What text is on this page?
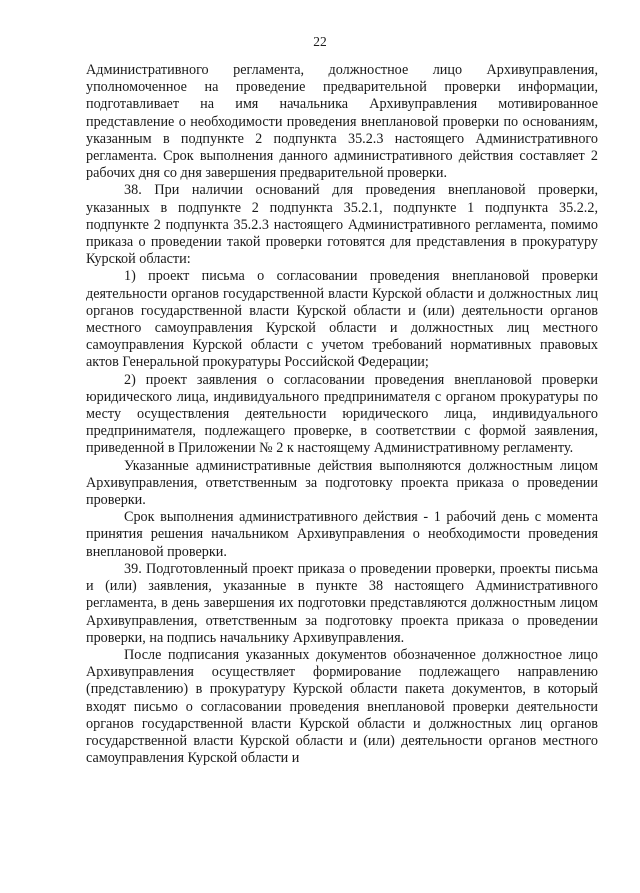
22

Административного регламента, должностное лицо Архивуправления, уполномоченное на проведение предварительной проверки информации, подготавливает на имя начальника Архивуправления мотивированное представление о необходимости проведения внеплановой проверки по основаниям, указанным в подпункте 2 подпункта 35.2.3 настоящего Административного регламента. Срок выполнения данного административного действия составляет 2 рабочих дня со дня завершения предварительной проверки.

38. При наличии оснований для проведения внеплановой проверки, указанных в подпункте 2 подпункта 35.2.1, подпункте 1 подпункта 35.2.2, подпункте 2 подпункта 35.2.3 настоящего Административного регламента, помимо приказа о проведении такой проверки готовятся для представления в прокуратуру Курской области:

1) проект письма о согласовании проведения внеплановой проверки деятельности органов государственной власти Курской области и должностных лиц органов государственной власти Курской области и (или) деятельности органов местного самоуправления Курской области и должностных лиц местного самоуправления Курской области с учетом требований нормативных правовых актов Генеральной прокуратуры Российской Федерации;

2) проект заявления о согласовании проведения внеплановой проверки юридического лица, индивидуального предпринимателя с органом прокуратуры по месту осуществления деятельности юридического лица, индивидуального предпринимателя, подлежащего проверке, в соответствии с формой заявления, приведенной в Приложении № 2 к настоящему Административному регламенту.

Указанные административные действия выполняются должностным лицом Архивуправления, ответственным за подготовку проекта приказа о проведении проверки.

Срок выполнения административного действия - 1 рабочий день с момента принятия решения начальником Архивуправления о необходимости проведения внеплановой проверки.

39. Подготовленный проект приказа о проведении проверки, проекты письма и (или) заявления, указанные в пункте 38 настоящего Административного регламента, в день завершения их подготовки представляются должностным лицом Архивуправления, ответственным за подготовку проекта приказа о проведении проверки, на подпись начальнику Архивуправления.

После подписания указанных документов обозначенное должностное лицо Архивуправления осуществляет формирование подлежащего направлению (представлению) в прокуратуру Курской области пакета документов, в который входят письмо о согласовании проведения внеплановой проверки деятельности органов государственной власти Курской области и должностных лиц органов государственной власти Курской области и (или) деятельности органов местного самоуправления Курской области и
